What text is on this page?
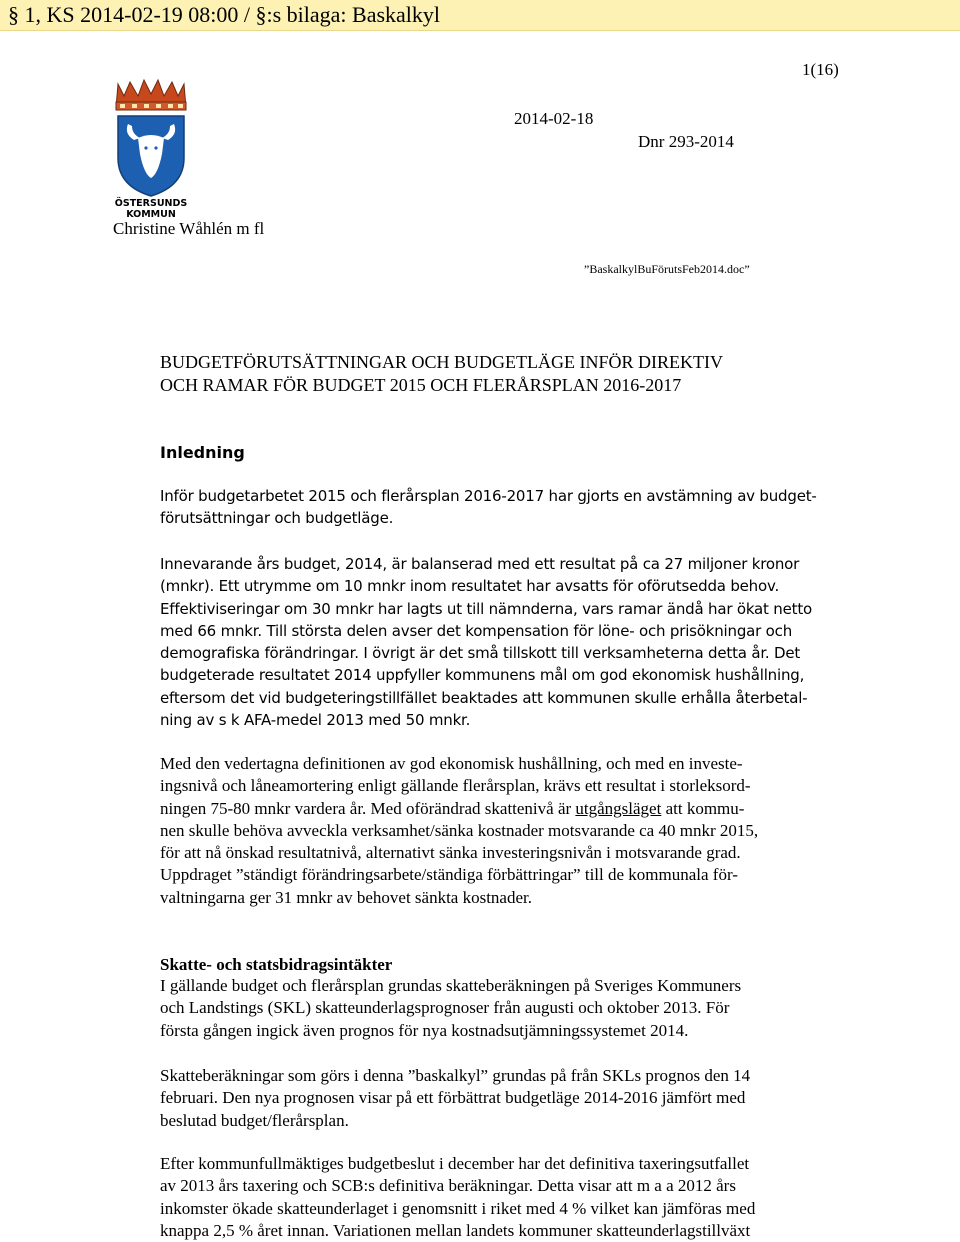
§ 1, KS 2014-02-19 08:00 / §:s bilaga: Baskalkyl
1(16)
2014-02-18
Dnr 293-2014
ÖSTERSUNDS
KOMMUN
Christine Wåhlén m fl
”BaskalkylBuFörutsFeb2014.doc”
BUDGETFÖRUTSÄTTNINGAR OCH BUDGETLÄGE INFÖR DIREKTIV
OCH RAMAR FÖR BUDGET 2015 OCH FLERÅRSPLAN 2016-2017
Inledning
Inför budgetarbetet 2015 och flerårsplan 2016-2017 har gjorts en avstämning av budget-
förutsättningar och budgetläge.
Innevarande års budget, 2014, är balanserad med ett resultat på ca 27 miljoner kronor
(mnkr). Ett utrymme om 10 mnkr inom resultatet har avsatts för oförutsedda behov.
Effektiviseringar om 30 mnkr har lagts ut till nämnderna, vars ramar ändå har ökat netto
med 66 mnkr. Till största delen avser det kompensation för löne- och prisökningar och
demografiska förändringar. I övrigt är det små tillskott till verksamheterna detta år. Det
budgeterade resultatet 2014 uppfyller kommunens mål om god ekonomisk hushållning,
eftersom det vid budgeteringstillfället beaktades att kommunen skulle erhålla återbetal-
ning av s k AFA-medel 2013 med 50 mnkr.
Med den vedertagna definitionen av god ekonomisk hushållning, och med en investe-
ingsnivå och låneamortering enligt gällande flerårsplan, krävs ett resultat i storleksord-
ningen 75-80 mnkr vardera år. Med oförändrad skattenivå är utgångsläget att kommu-
nen skulle behöva avveckla verksamhet/sänka kostnader motsvarande ca 40 mnkr 2015,
för att nå önskad resultatnivå, alternativt sänka investeringsnivån i motsvarande grad.
Uppdraget ”ständigt förändringsarbete/ständiga förbättringar” till de kommunala för-
valtningarna ger 31 mnkr av behovet sänkta kostnader.
Skatte- och statsbidragsintäkter
I gällande budget och flerårsplan grundas skatteberäkningen på Sveriges Kommuners
och Landstings (SKL) skatteunderlagsprognoser från augusti och oktober 2013. För
första gången ingick även prognos för nya kostnadsutjämningssystemet 2014.
Skatteberäkningar som görs i denna ”baskalkyl” grundas på från SKLs prognos den 14
februari. Den nya prognosen visar på ett förbättrat budgetläge 2014-2016 jämfört med
beslutad budget/flerårsplan.
Efter kommunfullmäktiges budgetbeslut i december har det definitiva taxeringsutfallet
av 2013 års taxering och SCB:s definitiva beräkningar. Detta visar att m a a 2012 års
inkomster ökade skatteunderlaget i genomsnitt i riket med 4 % vilket kan jämföras med
knappa 2,5 % året innan. Variationen mellan landets kommuner skatteunderlagstillväxt
